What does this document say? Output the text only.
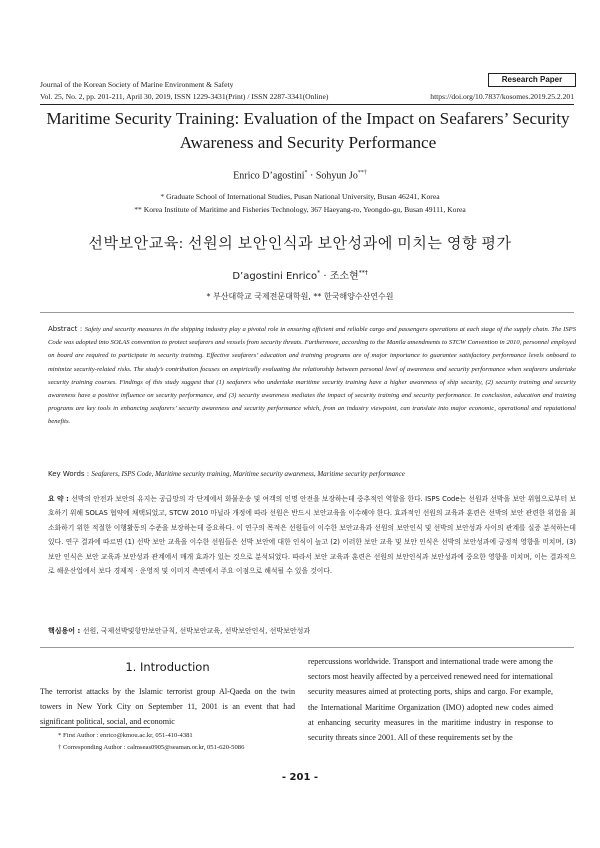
Journal of the Korean Society of Marine Environment & Safety
Research Paper
Vol. 25, No. 2, pp. 201-211, April 30, 2019, ISSN 1229-3431(Print) / ISSN 2287-3341(Online)	https://doi.org/10.7837/kosomes.2019.25.2.201
Maritime Security Training: Evaluation of the Impact on Seafarers’ Security
Awareness and Security Performance
Enrico D’agostini* · Sohyun Jo**†
* Graduate School of International Studies, Pusan National University, Busan 46241, Korea
** Korea Institute of Maritime and Fisheries Technology, 367 Haeyang-ro, Yeongdo-gu, Busan 49111, Korea
선박보안교육: 선원의 보안인식과 보안성과에 미치는 영향 평가
D’agostini Enrico* · 조소현**†
* 부산대학교 국제전문대학원, ** 한국해양수산연수원
Abstract : Safety and security measures in the shipping industry play a pivotal role in ensuring efficient and reliable cargo and passengers operations at each stage of the supply chain. The ISPS Code was adopted into SOLAS convention to protect seafarers and vessels from security threats. Furthermore, according to the Manila amendments to STCW Convention in 2010, personnel employed on board are required to participate in security training. Effective seafarers’ education and training programs are of major importance to guarantee satisfactory performance levels onboard to minimize security-related risks. The study’s contribution focuses on empirically evaluating the relationship between personal level of awareness and security performance when seafarers undertake security training courses. Findings of this study suggest that (1) seafarers who undertake maritime security training have a higher awareness of ship security, (2) security training and security awareness have a positive influence on security performance, and (3) security awareness mediates the impact of security training and security performance. In conclusion, education and training programs are key tools in enhancing seafarers’ security awareness and security performance which, from an industry viewpoint, can translate into major economic, operational and reputational benefits.
Key Words : Seafarers, ISPS Code, Maritime security training, Maritime security awareness, Maritime security performance
요 약 : 선박의 안전과 보안의 유지는 공급망의 각 단계에서 화물운송 및 여객의 인명 안전을 보장하는데 중추적인 역할을 한다. ISPS Code는 선원과 선박을 보안 위협으로부터 보호하기 위해 SOLAS 협약에 채택되었고, STCW 2010 마닐라 개정에 따라 선원은 반드시 보안교육을 이수해야 한다. 효과적인 선원의 교육과 훈련은 선박의 보안 관련한 위험을 최소화하기 위한 적절한 이행활동의 수준을 보장하는데 중요하다. 이 연구의 목적은 선원들이 이수한 보안교육과 선원의 보안인식 및 선박의 보안성과 사이의 관계를 실증 분석하는데 있다. 연구 결과에 따르면 (1) 선박 보안 교육을 이수한 선원들은 선박 보안에 대한 인식이 높고 (2) 이러한 보안 교육 및 보안 인식은 선박의 보안성과에 긍정적 영향을 미치며, (3) 보안 인식은 보안 교육과 보안성과 관계에서 매개 효과가 있는 것으로 분석되었다. 따라서 보안 교육과 훈련은 선원의 보안인식과 보안성과에 중요한 영향을 미치며, 이는 결과적으로 해운산업에서 보다 경제적 · 운영적 및 이미지 측면에서 주요 이점으로 해석될 수 있을 것이다.
핵심용어 : 선원, 국제선박및항만보안규칙, 선박보안교육, 선박보안인식, 선박보안성과
1. Introduction
The terrorist attacks by the Islamic terrorist group Al-Qaeda on the twin towers in New York City on September 11, 2001 is an event that had significant political, social, and economic
repercussions worldwide. Transport and international trade were among the sectors most heavily affected by a perceived renewed need for international security measures aimed at protecting ports, ships and cargo. For example, the International Maritime Organization (IMO) adopted new codes aimed at enhancing security measures in the maritime industry in response to security threats since 2001. All of these requirements set by the
* First Author : enrico@kmou.ac.kr, 051-410-4381
† Corresponding Author : calmseas0905@seaman.or.kr, 051-620-5086
- 201 -
